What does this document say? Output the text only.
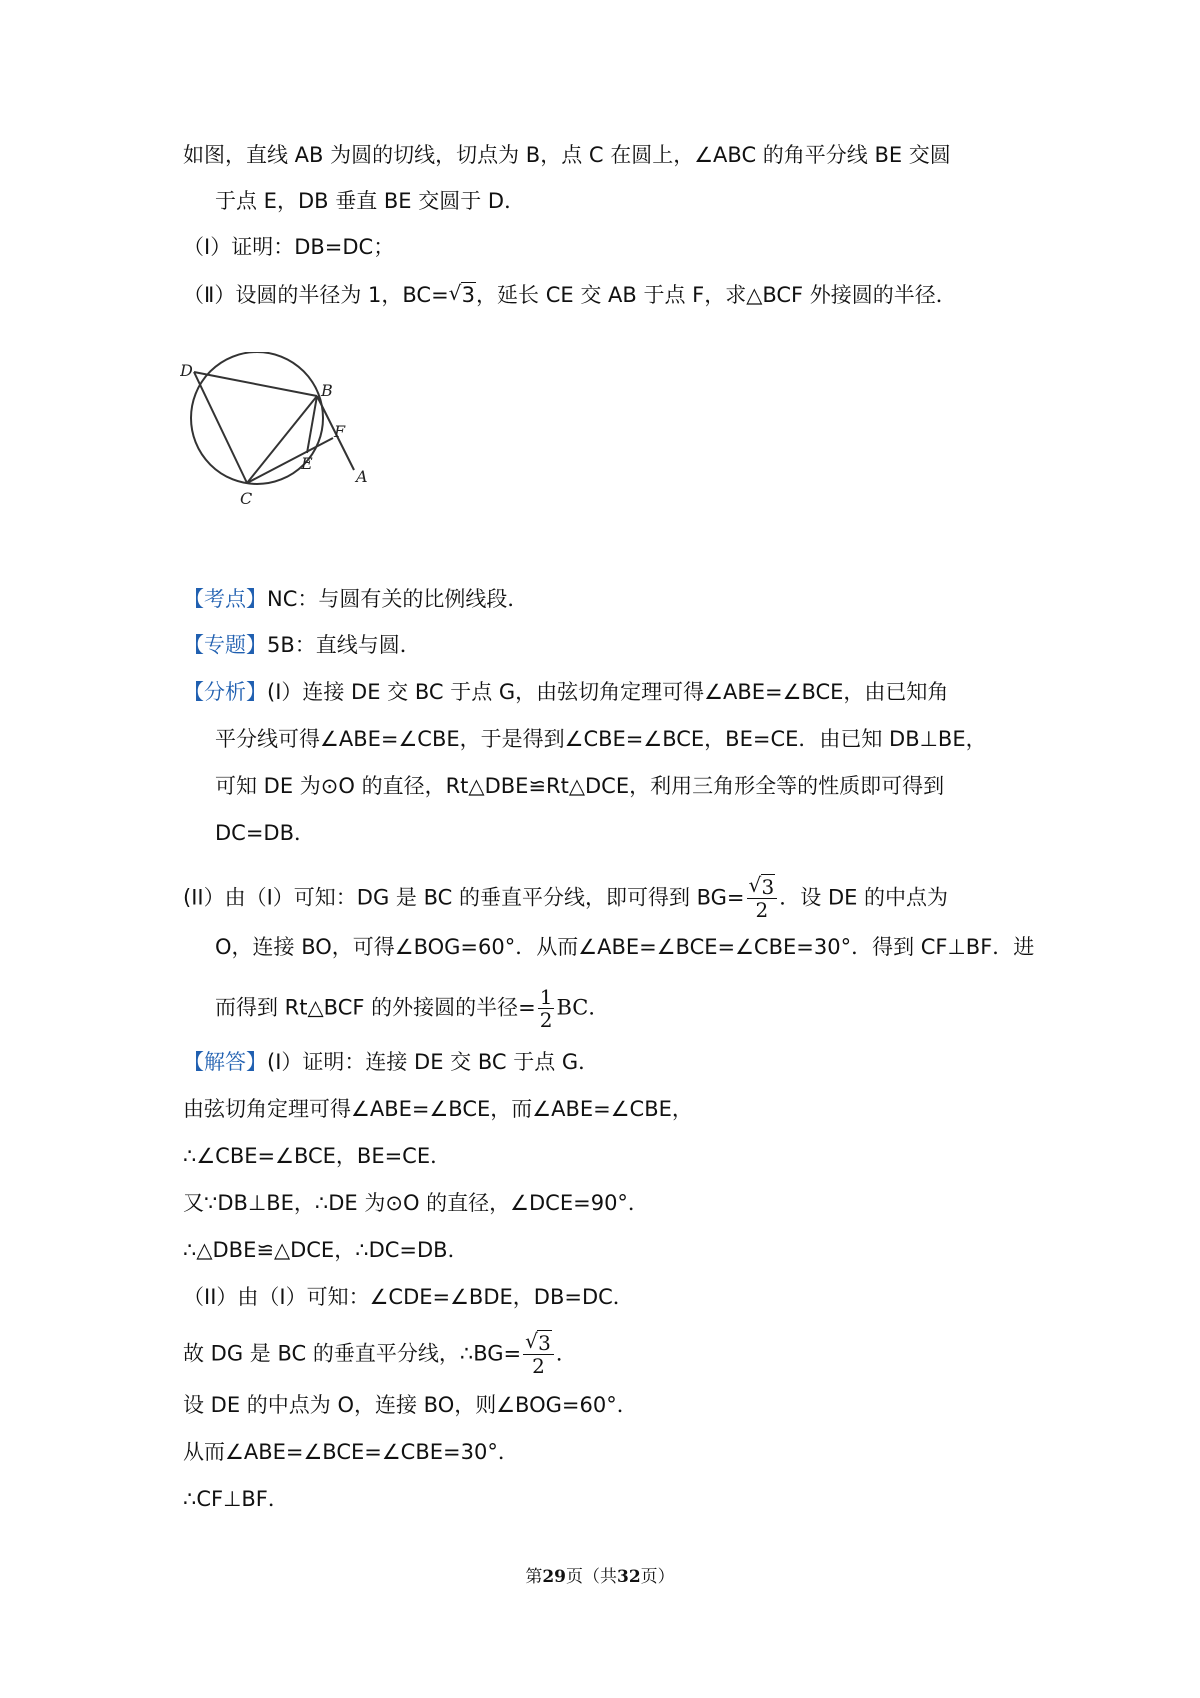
如图，直线 AB 为圆的切线，切点为 B，点 C 在圆上，∠ABC 的角平分线 BE 交圆
于点 E，DB 垂直 BE 交圆于 D．
（Ⅰ）证明：DB=DC；
（Ⅱ）设圆的半径为 1，BC= √ 3，延长 CE 交 AB 于点 F，求△BCF 外接圆的半径．
D
B
F
E
A
C
【考点】NC：与圆有关的比例线段．
【专题】5B：直线与圆．
【分析】(I）连接 DE 交 BC 于点 G，由弦切角定理可得∠ABE=∠BCE，由已知角
平分线可得∠ABE=∠CBE，于是得到∠CBE=∠BCE，BE=CE．由已知 DB⊥BE，
可知 DE 为⊙O 的直径，Rt△DBE≌Rt△DCE，利用三角形全等的性质即可得到
DC=DB．
(II）由（I）可知：DG 是 BC 的垂直平分线，即可得到 $BG= \frac{√ 3}{2}$ ．设 DE 的中点为
O，连接 BO，可得∠BOG=60°．从而∠ABE=∠BCE=∠CBE=30°．得到 CF⊥BF．进
而得到 Rt△BCF 的外接圆的半径= $\frac{1}{2}$ BC．
【解答】(I）证明：连接 DE 交 BC 于点 G．
由弦切角定理可得∠ABE=∠BCE，而∠ABE=∠CBE，
∴∠CBE=∠BCE，BE=CE．
又∵DB⊥BE，∴DE 为⊙O 的直径，∠DCE=90°．
∴△DBE≌△DCE，∴DC=DB．
（II）由（I）可知：∠CDE=∠BDE，DB=DC．
故 DG 是 BC 的垂直平分线，∴BG= $\frac{√ 3}{2}$ ．
设 DE 的中点为 O，连接 BO，则∠BOG=60°．
从而∠ABE=∠BCE=∠CBE=30°．
∴CF⊥BF．
第29页（共32页）
